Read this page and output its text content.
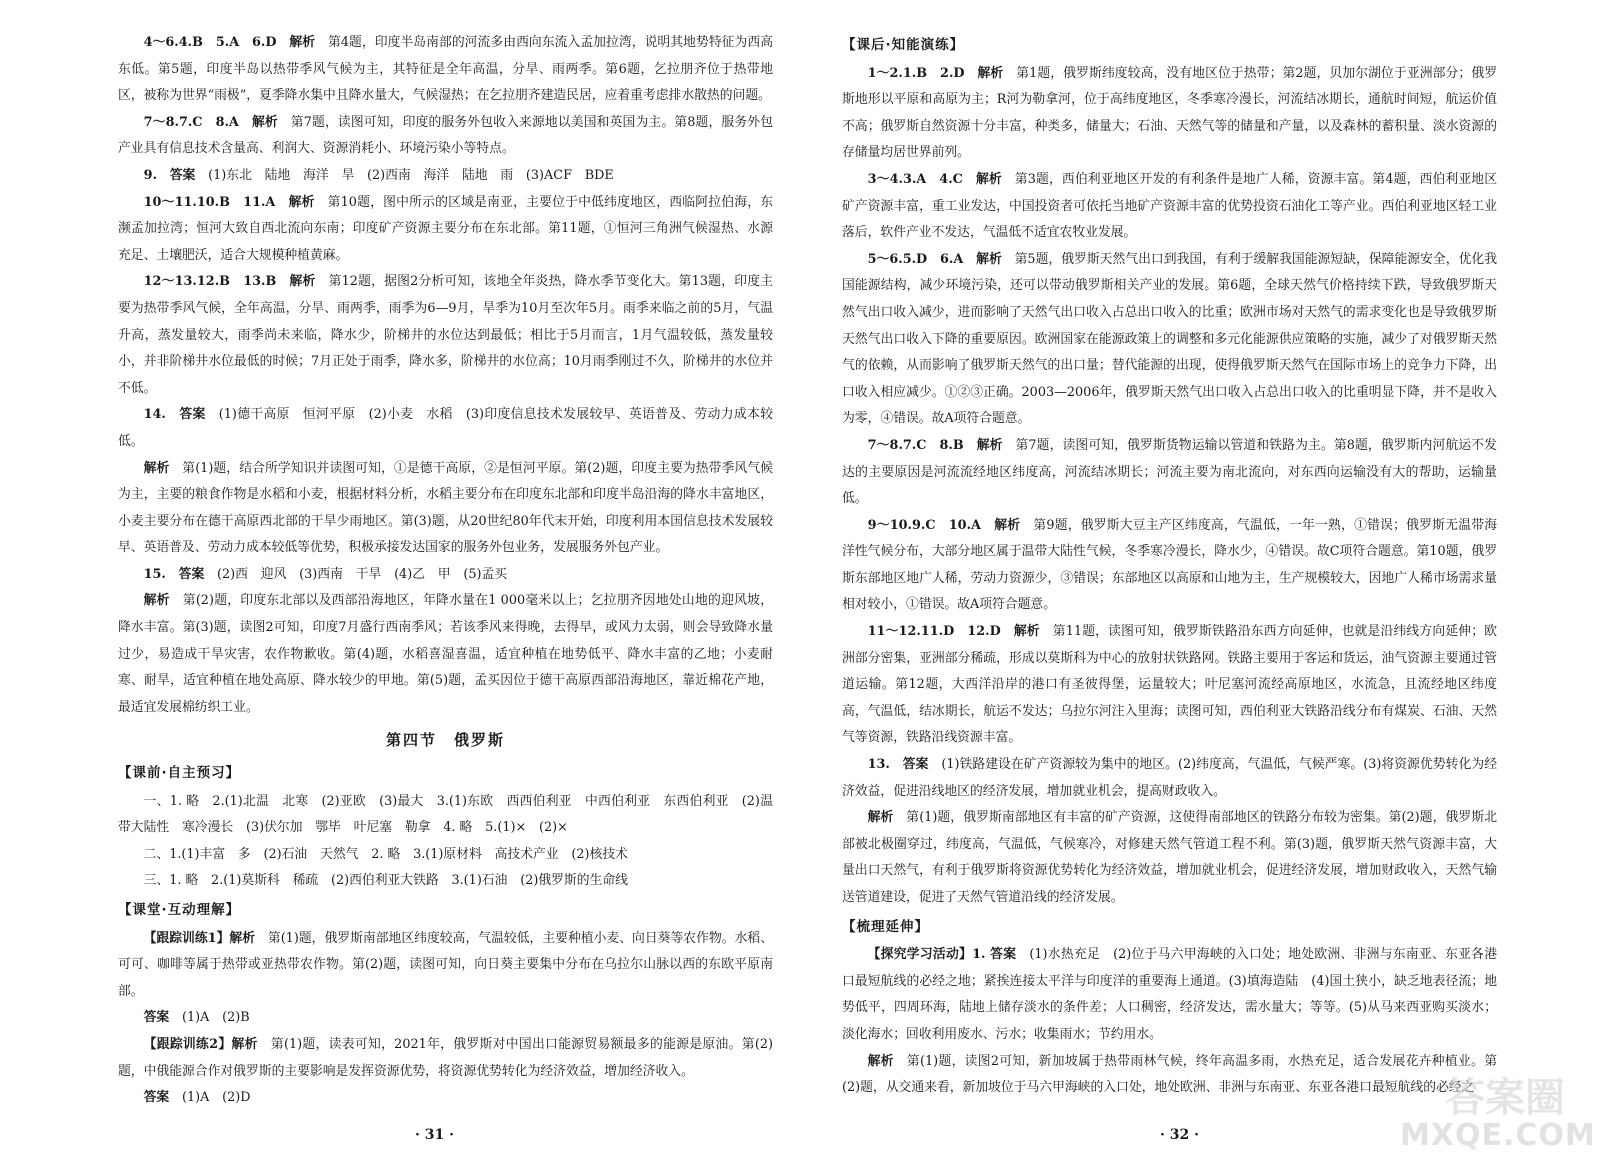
4～6.4.B　5.A　6.D　 解析　 第4题，印度半岛南部的河流多由西向东流入孟加拉湾，说明其地势特征为西高东低。第5题，印度半岛以热带季风气候为主，其特征是全年高温，分旱、雨两季。第6题，乞拉朋齐位于热带地区，被称为世界“雨极”，夏季降水集中且降水量大，气候湿热；在乞拉朋齐建造民居，应着重考虑排水散热的问题。

7～8.7.C　8.A　 解析　 第7题，读图可知，印度的服务外包收入来源地以美国和英国为主。第8题，服务外包产业具有信息技术含量高、利润大、资源消耗小、环境污染小等特点。

9.　 答案　 (1)东北　陆地　海洋　旱　(2)西南　海洋　陆地　雨　(3)ACF　BDE

10～11.10.B　11.A　 解析　 第10题，图中所示的区域是南亚，主要位于中低纬度地区，西临阿拉伯海，东濒孟加拉湾；恒河大致自西北流向东南；印度矿产资源主要分布在东北部。第11题，①恒河三角洲气候湿热、水源充足、土壤肥沃，适合大规模种植黄麻。

12～13.12.B　13.B　 解析　 第12题，据图2分析可知，该地全年炎热，降水季节变化大。第13题，印度主要为热带季风气候，全年高温，分旱、雨两季，雨季为6—9月，旱季为10月至次年5月。雨季来临之前的5月，气温升高，蒸发量较大，雨季尚未来临，降水少，阶梯井的水位达到最低；相比于5月而言，1月气温较低，蒸发量较小，并非阶梯井水位最低的时候；7月正处于雨季，降水多，阶梯井的水位高；10月雨季刚过不久，阶梯井的水位并不低。

14.　 答案　 (1)德干高原　恒河平原　(2)小麦　水稻　(3)印度信息技术发展较早、英语普及、劳动力成本较低。

解析　 第(1)题，结合所学知识并读图可知，①是德干高原，②是恒河平原。第(2)题，印度主要为热带季风气候为主，主要的粮食作物是水稻和小麦，根据材料分析，水稻主要分布在印度东北部和印度半岛沿海的降水丰富地区，小麦主要分布在德干高原西北部的干旱少雨地区。第(3)题，从20世纪80年代末开始，印度利用本国信息技术发展较早、英语普及、劳动力成本较低等优势，积极承接发达国家的服务外包业务，发展服务外包产业。

15.　 答案　 (2)西　迎风　(3)西南　干旱　(4)乙　甲　(5)孟买

解析　 第(2)题，印度东北部以及西部沿海地区，年降水量在1 000毫米以上；乞拉朋齐因地处山地的迎风坡，降水丰富。第(3)题，读图2可知，印度7月盛行西南季风；若该季风来得晚，去得早，或风力太弱，则会导致降水量过少，易造成干旱灾害，农作物歉收。第(4)题，水稻喜湿喜温，适宜种植在地势低平、降水丰富的乙地；小麦耐寒、耐旱，适宜种植在地处高原、降水较少的甲地。第(5)题，孟买因位于德干高原西部沿海地区，靠近棉花产地，最适宜发展棉纺织工业。

第四节　俄罗斯
【课前·自主预习】

一、1. 略　2.(1)北温　北寒　(2)亚欧　(3)最大　3.(1)东欧　西西伯利亚　中西伯利亚　东西伯利亚　(2)温带大陆性　寒冷漫长　(3)伏尔加　鄂毕　叶尼塞　勒拿　4. 略　5.(1)×　(2)×

二、1.(1)丰富　多　(2)石油　天然气　2. 略　3.(1)原材料　高技术产业　(2)核技术

三、1. 略　2.(1)莫斯科　稀疏　(2)西伯利亚大铁路　3.(1)石油　(2)俄罗斯的生命线

【课堂·互动理解】

【跟踪训练1】解析　 第(1)题，俄罗斯南部地区纬度较高，气温较低，主要种植小麦、向日葵等农作物。水稻、可可、咖啡等属于热带或亚热带农作物。第(2)题，读图可知，向日葵主要集中分布在乌拉尔山脉以西的东欧平原南部。

答案　 (1)A　(2)B

【跟踪训练2】解析　 第(1)题，读表可知，2021年，俄罗斯对中国出口能源贸易额最多的能源是原油。第(2)题，中俄能源合作对俄罗斯的主要影响是发挥资源优势，将资源优势转化为经济效益，增加经济收入。

答案　 (1)A　(2)D

【课后·知能演练】

1～2.1.B　2.D　 解析　 第1题，俄罗斯纬度较高，没有地区位于热带；第2题，贝加尔湖位于亚洲部分；俄罗斯地形以平原和高原为主；R河为勒拿河，位于高纬度地区，冬季寒冷漫长，河流结冰期长，通航时间短，航运价值不高；俄罗斯自然资源十分丰富，种类多，储量大；石油、天然气等的储量和产量，以及森林的蓄积量、淡水资源的存储量均居世界前列。

3～4.3.A　4.C　 解析　 第3题，西伯利亚地区开发的有利条件是地广人稀，资源丰富。第4题，西伯利亚地区矿产资源丰富，重工业发达，中国投资者可依托当地矿产资源丰富的优势投资石油化工等产业。西伯利亚地区轻工业落后，软件产业不发达，气温低不适宜农牧业发展。

5～6.5.D　6.A　 解析　 第5题，俄罗斯天然气出口到我国，有利于缓解我国能源短缺，保障能源安全，优化我国能源结构，减少环境污染，还可以带动俄罗斯相关产业的发展。第6题，全球天然气价格持续下跌，导致俄罗斯天然气出口收入减少，进而影响了天然气出口收入占总出口收入的比重；欧洲市场对天然气的需求变化也是导致俄罗斯天然气出口收入下降的重要原因。欧洲国家在能源政策上的调整和多元化能源供应策略的实施，减少了对俄罗斯天然气的依赖，从而影响了俄罗斯天然气的出口量；替代能源的出现，使得俄罗斯天然气在国际市场上的竞争力下降，出口收入相应减少。①②③正确。2003—2006年，俄罗斯天然气出口收入占总出口收入的比重明显下降，并不是收入为零，④错误。故A项符合题意。

7～8.7.C　8.B　 解析　 第7题，读图可知，俄罗斯货物运输以管道和铁路为主。第8题，俄罗斯内河航运不发达的主要原因是河流流经地区纬度高，河流结冰期长；河流主要为南北流向，对东西向运输没有大的帮助，运输量低。

9～10.9.C　10.A　 解析　 第9题，俄罗斯大豆主产区纬度高，气温低，一年一熟，①错误；俄罗斯无温带海洋性气候分布，大部分地区属于温带大陆性气候，冬季寒冷漫长，降水少，④错误。故C项符合题意。第10题，俄罗斯东部地区地广人稀，劳动力资源少，③错误；东部地区以高原和山地为主，生产规模较大，因地广人稀市场需求量相对较小，①错误。故A项符合题意。

11～12.11.D　12.D　 解析　 第11题，读图可知，俄罗斯铁路沿东西方向延伸，也就是沿纬线方向延伸；欧洲部分密集，亚洲部分稀疏，形成以莫斯科为中心的放射状铁路网。铁路主要用于客运和货运，油气资源主要通过管道运输。第12题，大西洋沿岸的港口有圣彼得堡，运量较大；叶尼塞河流经高原地区，水流急，且流经地区纬度高，气温低，结冰期长，航运不发达；乌拉尔河注入里海；读图可知，西伯利亚大铁路沿线分布有煤炭、石油、天然气等资源，铁路沿线资源丰富。

13.　 答案　 (1)铁路建设在矿产资源较为集中的地区。(2)纬度高，气温低，气候严寒。(3)将资源优势转化为经济效益，促进沿线地区的经济发展，增加就业机会，提高财政收入。

解析　 第(1)题，俄罗斯南部地区有丰富的矿产资源，这使得南部地区的铁路分布较为密集。第(2)题，俄罗斯北部被北极圈穿过，纬度高，气温低，气候寒冷，对修建天然气管道工程不利。第(3)题，俄罗斯天然气资源丰富，大量出口天然气，有利于俄罗斯将资源优势转化为经济效益，增加就业机会，促进经济发展，增加财政收入，天然气输送管道建设，促进了天然气管道沿线的经济发展。

【梳理延伸】

【探究学习活动】1. 答案　 (1)水热充足　(2)位于马六甲海峡的入口处；地处欧洲、非洲与东南亚、东亚各港口最短航线的必经之地；紧挨连接太平洋与印度洋的重要海上通道。(3)填海造陆　(4)国土狭小，缺乏地表径流；地势低平，四周环海，陆地上储存淡水的条件差；人口稠密，经济发达，需水量大；等等。(5)从马来西亚购买淡水；淡化海水；回收利用废水、污水；收集雨水；节约用水。

解析　 第(1)题，读图2可知，新加坡属于热带雨林气候，终年高温多雨，水热充足，适合发展花卉种植业。第(2)题，从交通来看，新加坡位于马六甲海峡的入口处，地处欧洲、非洲与东南亚、东亚各港口最短航线的必经之

· 31 ·	· 32 ·
答案圈
MXQE.COM
